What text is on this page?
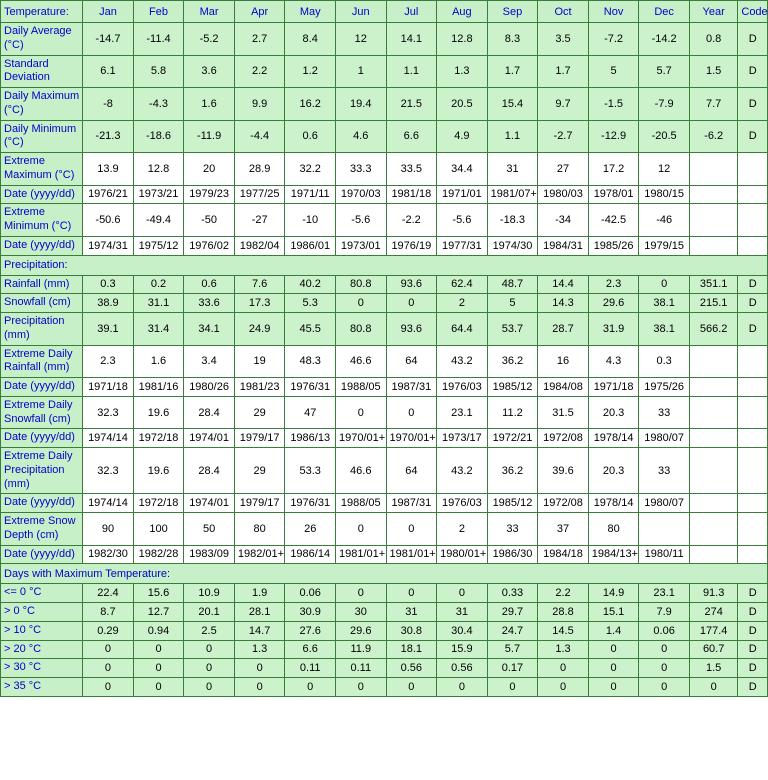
Temperature:	Jan	Feb	Mar	Apr	May	Jun	Jul	Aug	Sep	Oct	Nov	Dec	Year	Code
Daily Average (°C)	-14.7	-11.4	-5.2	2.7	8.4	12	14.1	12.8	8.3	3.5	-7.2	-14.2	0.8	D
Standard Deviation	6.1	5.8	3.6	2.2	1.2	1	1.1	1.3	1.7	1.7	5	5.7	1.5	D
Daily Maximum (°C)	-8	-4.3	1.6	9.9	16.2	19.4	21.5	20.5	15.4	9.7	-1.5	-7.9	7.7	D
Daily Minimum (°C)	-21.3	-18.6	-11.9	-4.4	0.6	4.6	6.6	4.9	1.1	-2.7	-12.9	-20.5	-6.2	D
Extreme Maximum (°C)	13.9	12.8	20	28.9	32.2	33.3	33.5	34.4	31	27	17.2	12		
Date (yyyy/dd)	1976/21	1973/21	1979/23	1977/25	1971/11	1970/03	1981/18	1971/01	1981/07+	1980/03	1978/01	1980/15		
Extreme Minimum (°C)	-50.6	-49.4	-50	-27	-10	-5.6	-2.2	-5.6	-18.3	-34	-42.5	-46		
Date (yyyy/dd)	1974/31	1975/12	1976/02	1982/04	1986/01	1973/01	1976/19	1977/31	1974/30	1984/31	1985/26	1979/15		
Precipitation:														
Rainfall (mm)	0.3	0.2	0.6	7.6	40.2	80.8	93.6	62.4	48.7	14.4	2.3	0	351.1	D
Snowfall (cm)	38.9	31.1	33.6	17.3	5.3	0	0	2	5	14.3	29.6	38.1	215.1	D
Precipitation (mm)	39.1	31.4	34.1	24.9	45.5	80.8	93.6	64.4	53.7	28.7	31.9	38.1	566.2	D
Extreme Daily Rainfall (mm)	2.3	1.6	3.4	19	48.3	46.6	64	43.2	36.2	16	4.3	0.3		
Date (yyyy/dd)	1971/18	1981/16	1980/26	1981/23	1976/31	1988/05	1987/31	1976/03	1985/12	1984/08	1971/18	1975/26		
Extreme Daily Snowfall (cm)	32.3	19.6	28.4	29	47	0	0	23.1	11.2	31.5	20.3	33		
Date (yyyy/dd)	1974/14	1972/18	1974/01	1979/17	1986/13	1970/01+	1970/01+	1973/17	1972/21	1972/08	1978/14	1980/07		
Extreme Daily Precipitation (mm)	32.3	19.6	28.4	29	53.3	46.6	64	43.2	36.2	39.6	20.3	33		
Date (yyyy/dd)	1974/14	1972/18	1974/01	1979/17	1976/31	1988/05	1987/31	1976/03	1985/12	1972/08	1978/14	1980/07		
Extreme Snow Depth (cm)	90	100	50	80	26	0	0	2	33	37	80			
Date (yyyy/dd)	1982/30	1982/28	1983/09	1982/01+	1986/14	1981/01+	1981/01+	1980/01+	1986/30	1984/18	1984/13+	1980/11		
Days with Maximum Temperature:														
<= 0 °C	22.4	15.6	10.9	1.9	0.06	0	0	0	0.33	2.2	14.9	23.1	91.3	D
> 0 °C	8.7	12.7	20.1	28.1	30.9	30	31	31	29.7	28.8	15.1	7.9	274	D
> 10 °C	0.29	0.94	2.5	14.7	27.6	29.6	30.8	30.4	24.7	14.5	1.4	0.06	177.4	D
> 20 °C	0	0	0	1.3	6.6	11.9	18.1	15.9	5.7	1.3	0	0	60.7	D
> 30 °C	0	0	0	0	0.11	0.11	0.56	0.56	0.17	0	0	0	1.5	D
> 35 °C	0	0	0	0	0	0	0	0	0	0	0	0	0	D
